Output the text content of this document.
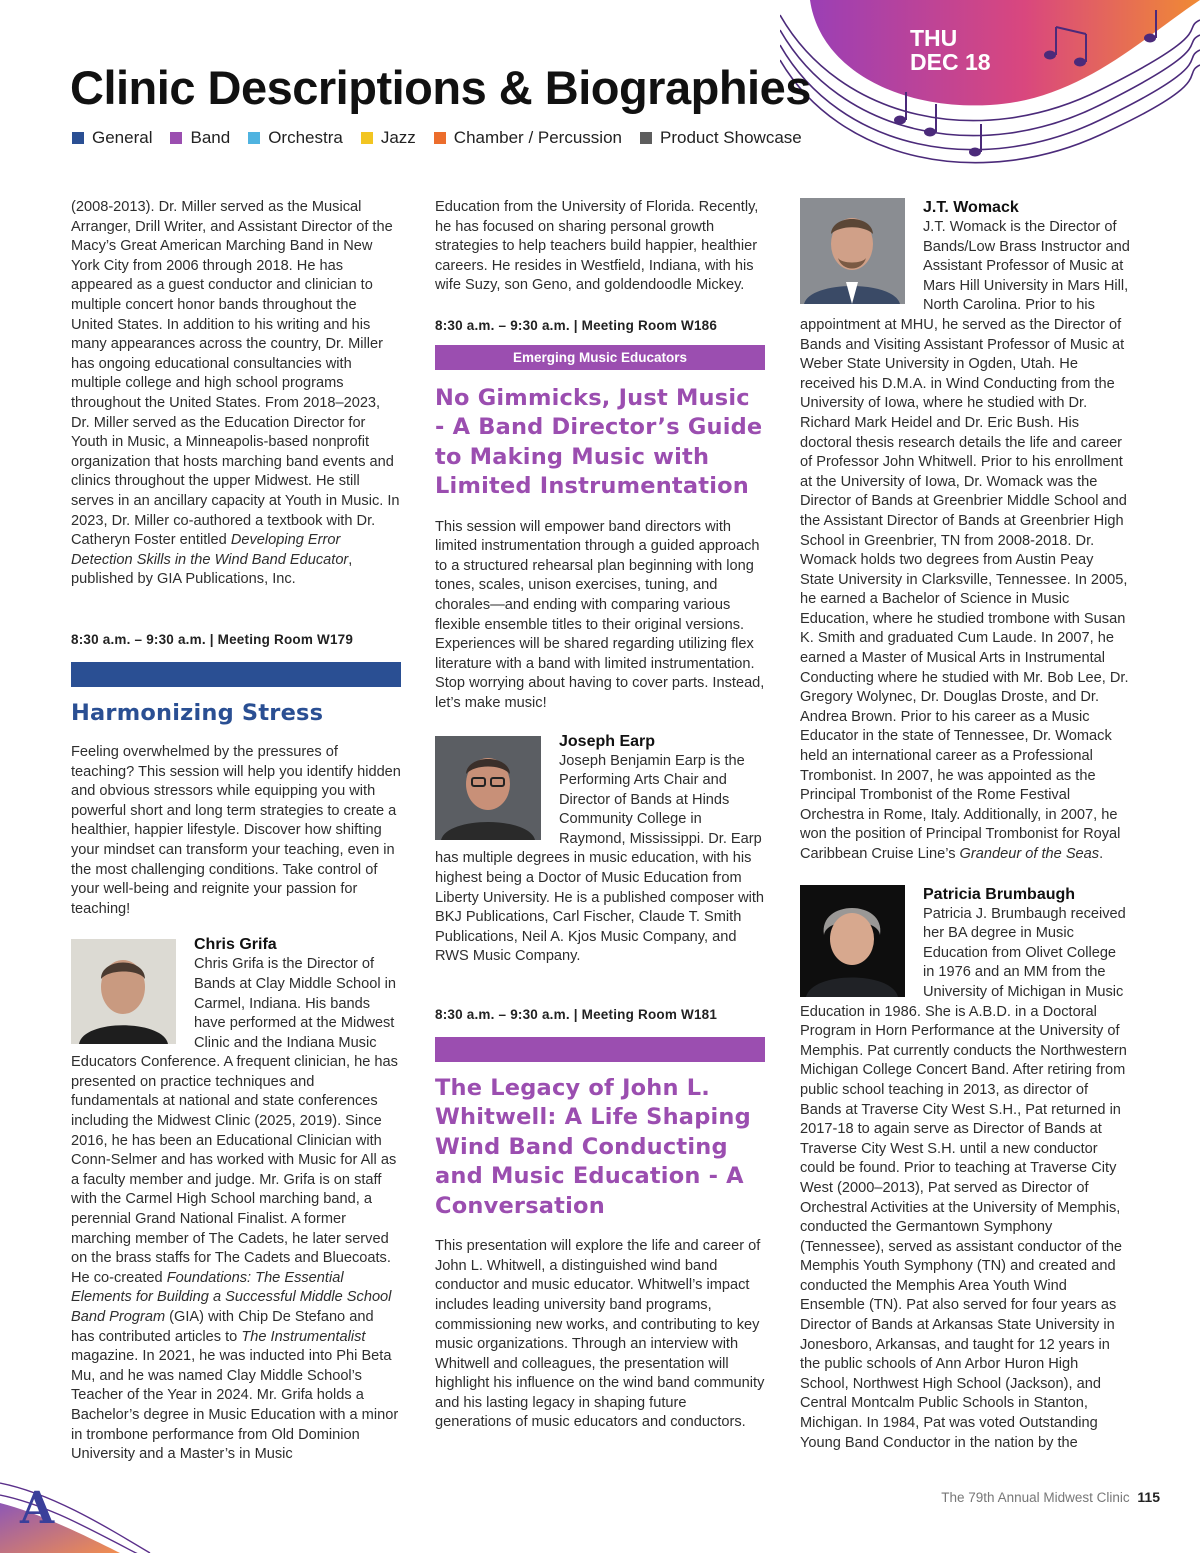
THU
DEC 18
Clinic Descriptions & Biographies
General Band Orchestra Jazz Chamber / Percussion Product Showcase

(2008-2013). Dr. Miller served as the Musical Arranger, Drill Writer, and Assistant Director of the Macy’s Great American Marching Band in New York City from 2006 through 2018. He has appeared as a guest conductor and clinician to multiple concert honor bands throughout the United States. In addition to his writing and his many appearances across the country, Dr. Miller has ongoing educational consultancies with multiple college and high school programs throughout the United States. From 2018–2023, Dr. Miller served as the Education Director for Youth in Music, a Minneapolis-based nonprofit organization that hosts marching band events and clinics throughout the upper Midwest. He still serves in an ancillary capacity at Youth in Music. In 2023, Dr. Miller co-authored a textbook with Dr. Catheryn Foster entitled Developing Error Detection Skills in the Wind Band Educator, published by GIA Publications, Inc.

8:30 a.m. – 9:30 a.m. | Meeting Room W179
Harmonizing Stress

Feeling overwhelmed by the pressures of teaching? This session will help you identify hidden and obvious stressors while equipping you with powerful short and long term strategies to create a healthier, happier lifestyle. Discover how shifting your mindset can transform your teaching, even in the most challenging conditions. Take control of your well-being and reignite your passion for teaching!

Chris Grifa

Chris Grifa is the Director of Bands at Clay Middle School in Carmel, Indiana. His bands have performed at the Midwest Clinic and the Indiana Music Educators Conference. A frequent clinician, he has presented on practice techniques and fundamentals at national and state conferences including the Midwest Clinic (2025, 2019). Since 2016, he has been an Educational Clinician with Conn-Selmer and has worked with Music for All as a faculty member and judge. Mr. Grifa is on staff with the Carmel High School marching band, a perennial Grand National Finalist. A former marching member of The Cadets, he later served on the brass staffs for The Cadets and Bluecoats. He co-created Foundations: The Essential Elements for Building a Successful Middle School Band Program (GIA) with Chip De Stefano and has contributed articles to The Instrumentalist magazine. In 2021, he was inducted into Phi Beta Mu, and he was named Clay Middle School’s Teacher of the Year in 2024. Mr. Grifa holds a Bachelor’s degree in Music Education with a minor in trombone performance from Old Dominion University and a Master’s in Music

Education from the University of Florida. Recently, he has focused on sharing personal growth strategies to help teachers build happier, healthier careers. He resides in Westfield, Indiana, with his wife Suzy, son Geno, and goldendoodle Mickey.

8:30 a.m. – 9:30 a.m. | Meeting Room W186
Emerging Music Educators
No Gimmicks, Just Music - A Band Director’s Guide to Making Music with Limited Instrumentation

This session will empower band directors with limited instrumentation through a guided approach to a structured rehearsal plan beginning with long tones, scales, unison exercises, tuning, and chorales—and ending with comparing various flexible ensemble titles to their original versions. Experiences will be shared regarding utilizing flex literature with a band with limited instrumentation. Stop worrying about having to cover parts. Instead, let’s make music!

Joseph Earp

Joseph Benjamin Earp is the Performing Arts Chair and Director of Bands at Hinds Community College in Raymond, Mississippi. Dr. Earp has multiple degrees in music education, with his highest being a Doctor of Music Education from Liberty University. He is a published composer with BKJ Publications, Carl Fischer, Claude T. Smith Publications, Neil A. Kjos Music Company, and RWS Music Company.

8:30 a.m. – 9:30 a.m. | Meeting Room W181
The Legacy of John L. Whitwell: A Life Shaping Wind Band Conducting and Music Education - A Conversation

This presentation will explore the life and career of John L. Whitwell, a distinguished wind band conductor and music educator. Whitwell’s impact includes leading university band programs, commissioning new works, and contributing to key music organizations. Through an interview with Whitwell and colleagues, the presentation will highlight his influence on the wind band community and his lasting legacy in shaping future generations of music educators and conductors.

J.T. Womack

J.T. Womack is the Director of Bands/Low Brass Instructor and Assistant Professor of Music at Mars Hill University in Mars Hill, North Carolina. Prior to his appointment at MHU, he served as the Director of Bands and Visiting Assistant Professor of Music at Weber State University in Ogden, Utah. He received his D.M.A. in Wind Conducting from the University of Iowa, where he studied with Dr. Richard Mark Heidel and Dr. Eric Bush. His doctoral thesis research details the life and career of Professor John Whitwell. Prior to his enrollment at the University of Iowa, Dr. Womack was the Director of Bands at Greenbrier Middle School and the Assistant Director of Bands at Greenbrier High School in Greenbrier, TN from 2008-2018. Dr. Womack holds two degrees from Austin Peay State University in Clarksville, Tennessee. In 2005, he earned a Bachelor of Science in Music Education, where he studied trombone with Susan K. Smith and graduated Cum Laude. In 2007, he earned a Master of Musical Arts in Instrumental Conducting where he studied with Mr. Bob Lee, Dr. Gregory Wolynec, Dr. Douglas Droste, and Dr. Andrea Brown. Prior to his career as a Music Educator in the state of Tennessee, Dr. Womack held an international career as a Professional Trombonist. In 2007, he was appointed as the Principal Trombonist of the Rome Festival Orchestra in Rome, Italy. Additionally, in 2007, he won the position of Principal Trombonist for Royal Caribbean Cruise Line’s Grandeur of the Seas.

Patricia Brumbaugh

Patricia J. Brumbaugh received her BA degree in Music Education from Olivet College in 1976 and an MM from the University of Michigan in Music Education in 1986. She is A.B.D. in a Doctoral Program in Horn Performance at the University of Memphis. Pat currently conducts the Northwestern Michigan College Concert Band. After retiring from public school teaching in 2013, as director of Bands at Traverse City West S.H., Pat returned in 2017-18 to again serve as Director of Bands at Traverse City West S.H. until a new conductor could be found. Prior to teaching at Traverse City West (2000–2013), Pat served as Director of Orchestral Activities at the University of Memphis, conducted the Germantown Symphony (Tennessee), served as assistant conductor of the Memphis Youth Symphony (TN) and created and conducted the Memphis Area Youth Wind Ensemble (TN). Pat also served for four years as Director of Bands at Arkansas State University in Jonesboro, Arkansas, and taught for 12 years in the public schools of Ann Arbor Huron High School, Northwest High School (Jackson), and Central Montcalm Public Schools in Stanton, Michigan. In 1984, Pat was voted Outstanding Young Band Conductor in the nation by the

A	The 79th Annual Midwest Clinic 115
